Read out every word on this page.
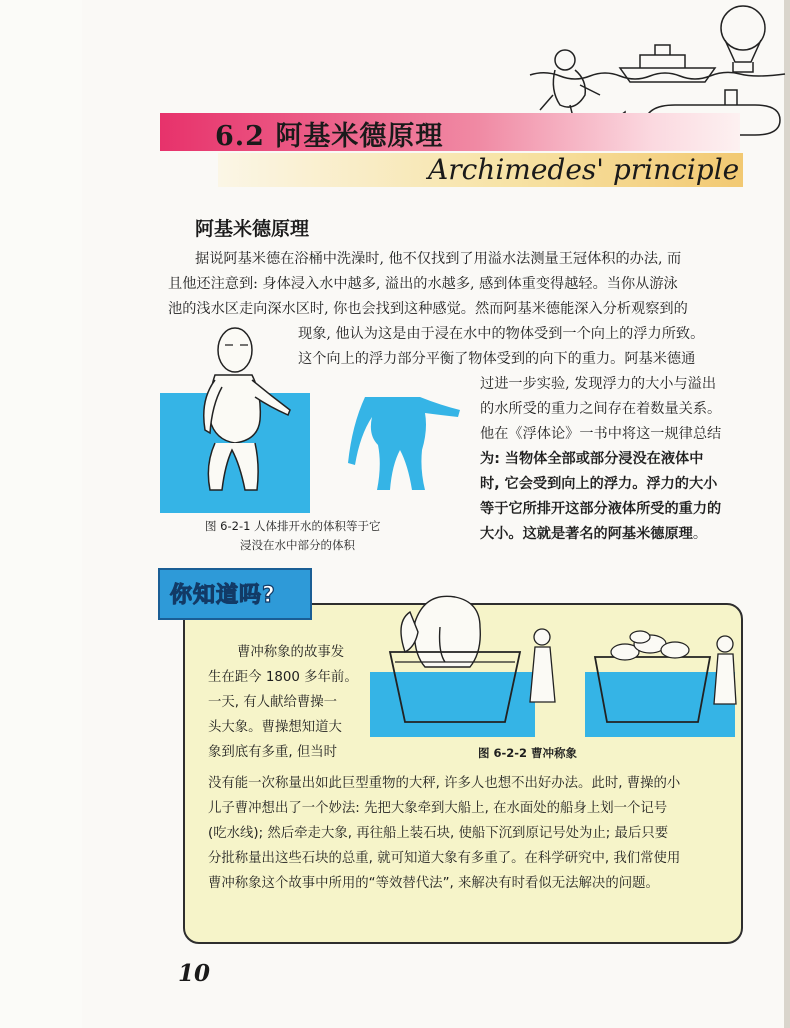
6.2 阿基米德原理
Archimedes' principle
阿基米德原理
据说阿基米德在浴桶中洗澡时, 他不仅找到了用溢水法测量王冠体积的办法, 而
且他还注意到: 身体浸入水中越多, 溢出的水越多, 感到体重变得越轻。当你从游泳
池的浅水区走向深水区时, 你也会找到这种感觉。然而阿基米德能深入分析观察到的
现象, 他认为这是由于浸在水中的物体受到一个向上的浮力所致。
这个向上的浮力部分平衡了物体受到的向下的重力。阿基米德通
过进一步实验, 发现浮力的大小与溢出
的水所受的重力之间存在着数量关系。
他在《浮体论》一书中将这一规律总结
为: 当物体全部或部分浸没在液体中
时, 它会受到向上的浮力。浮力的大小
等于它所排开这部分液体所受的重力的
大小。这就是著名的阿基米德原理。
图 6-2-1 人体排开水的体积等于它
浸没在水中部分的体积
你知道吗?
图 6-2-2 曹冲称象
曹冲称象的故事发
生在距今 1800 多年前。
一天, 有人献给曹操一
头大象。曹操想知道大
象到底有多重, 但当时
没有能一次称量出如此巨型重物的大秤, 许多人也想不出好办法。此时, 曹操的小
儿子曹冲想出了一个妙法: 先把大象牵到大船上, 在水面处的船身上划一个记号
(吃水线); 然后牵走大象, 再往船上装石块, 使船下沉到原记号处为止; 最后只要
分批称量出这些石块的总重, 就可知道大象有多重了。在科学研究中, 我们常使用
曹冲称象这个故事中所用的“等效替代法”, 来解决有时看似无法解决的问题。
10
